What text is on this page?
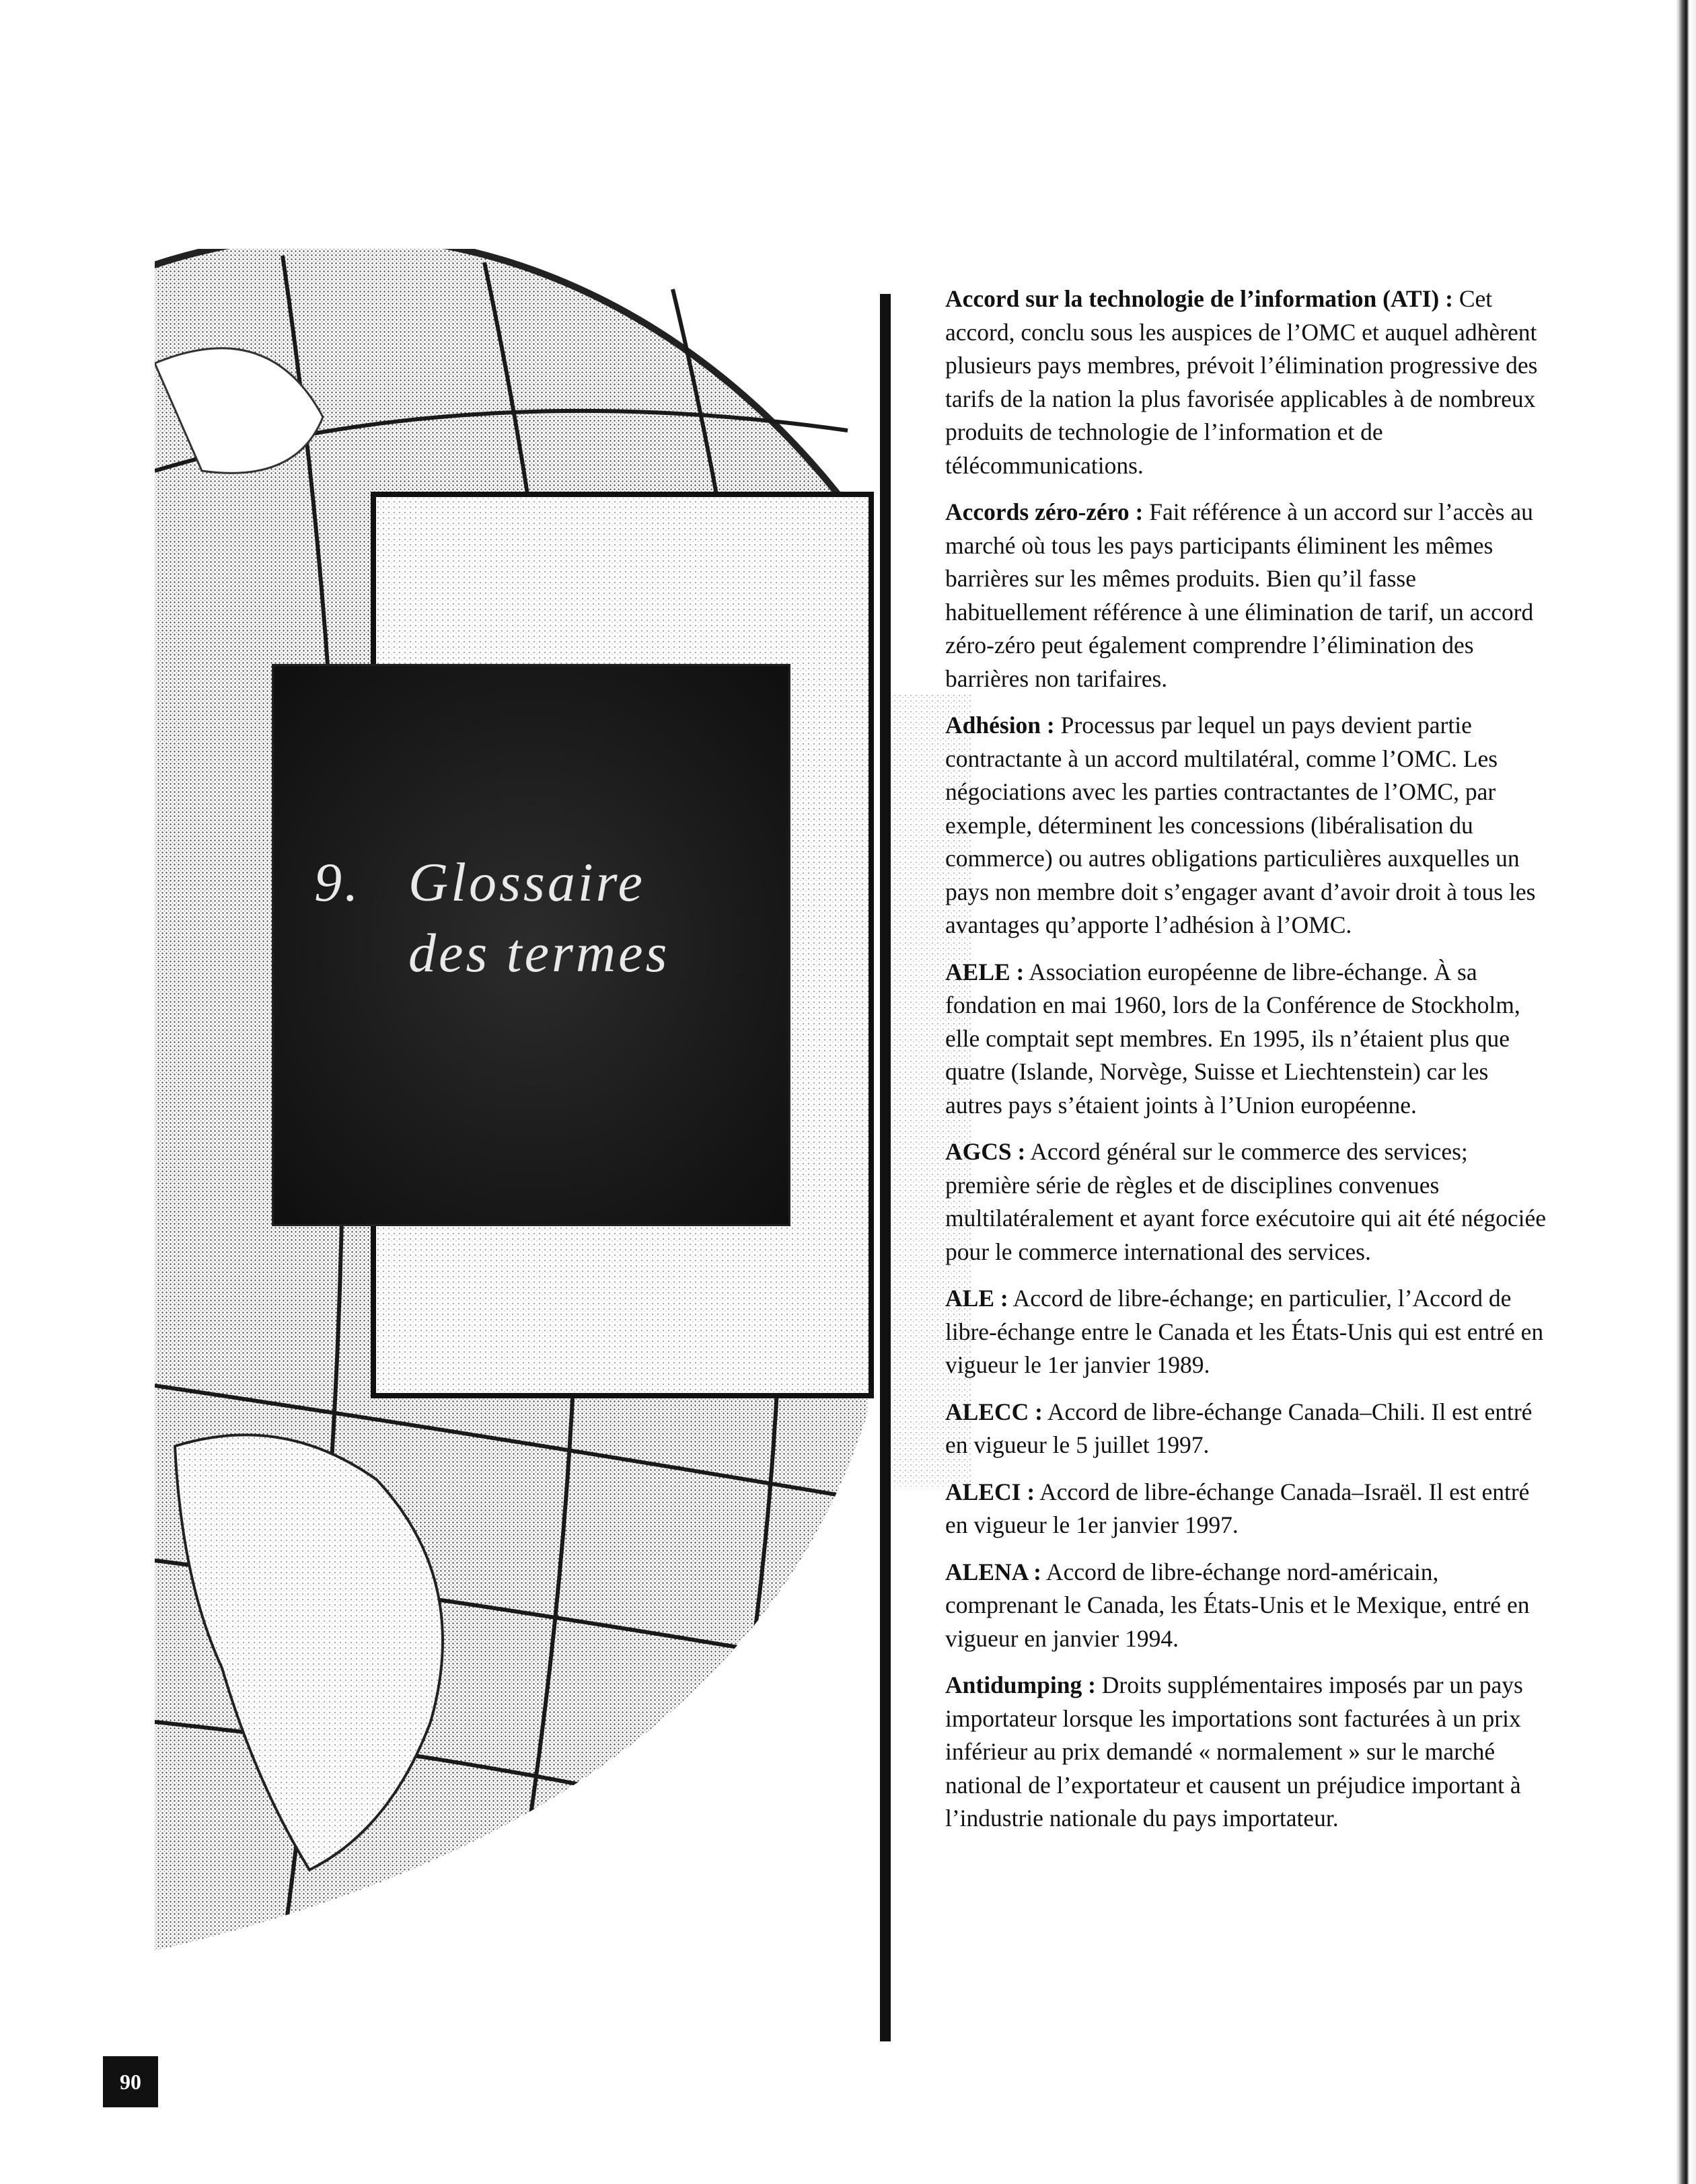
9. Glossaire
des termes

Accord sur la technologie de l’information (ATI) : Cet accord, conclu sous les auspices de l’OMC et auquel adhèrent plusieurs pays membres, prévoit l’élimination progressive des tarifs de la nation la plus favorisée applicables à de nombreux produits de technologie de l’information et de télécommunications.

Accords zéro-zéro : Fait référence à un accord sur l’accès au marché où tous les pays participants éliminent les mêmes barrières sur les mêmes produits. Bien qu’il fasse habituellement référence à une élimination de tarif, un accord zéro-zéro peut également comprendre l’élimination des barrières non tarifaires.

Adhésion : Processus par lequel un pays devient partie contractante à un accord multilatéral, comme l’OMC. Les négociations avec les parties contractantes de l’OMC, par exemple, déterminent les concessions (libéralisation du commerce) ou autres obligations particulières auxquelles un pays non membre doit s’engager avant d’avoir droit à tous les avantages qu’apporte l’adhésion à l’OMC.

AELE : Association européenne de libre-échange. À sa fondation en mai 1960, lors de la Conférence de Stockholm, elle comptait sept membres. En 1995, ils n’étaient plus que quatre (Islande, Norvège, Suisse et Liechtenstein) car les autres pays s’étaient joints à l’Union européenne.

AGCS : Accord général sur le commerce des services; première série de règles et de disciplines convenues multilatéralement et ayant force exécutoire qui ait été négociée pour le commerce international des services.

ALE : Accord de libre-échange; en particulier, l’Accord de libre-échange entre le Canada et les États-Unis qui est entré en vigueur le 1er janvier 1989.

ALECC : Accord de libre-échange Canada–Chili. Il est entré en vigueur le 5 juillet 1997.

ALECI : Accord de libre-échange Canada–Israël. Il est entré en vigueur le 1er janvier 1997.

ALENA : Accord de libre-échange nord-américain, comprenant le Canada, les États-Unis et le Mexique, entré en vigueur en janvier 1994.

Antidumping : Droits supplémentaires imposés par un pays importateur lorsque les importations sont facturées à un prix inférieur au prix demandé « normalement » sur le marché national de l’exportateur et causent un préjudice important à l’industrie nationale du pays importateur.

90
